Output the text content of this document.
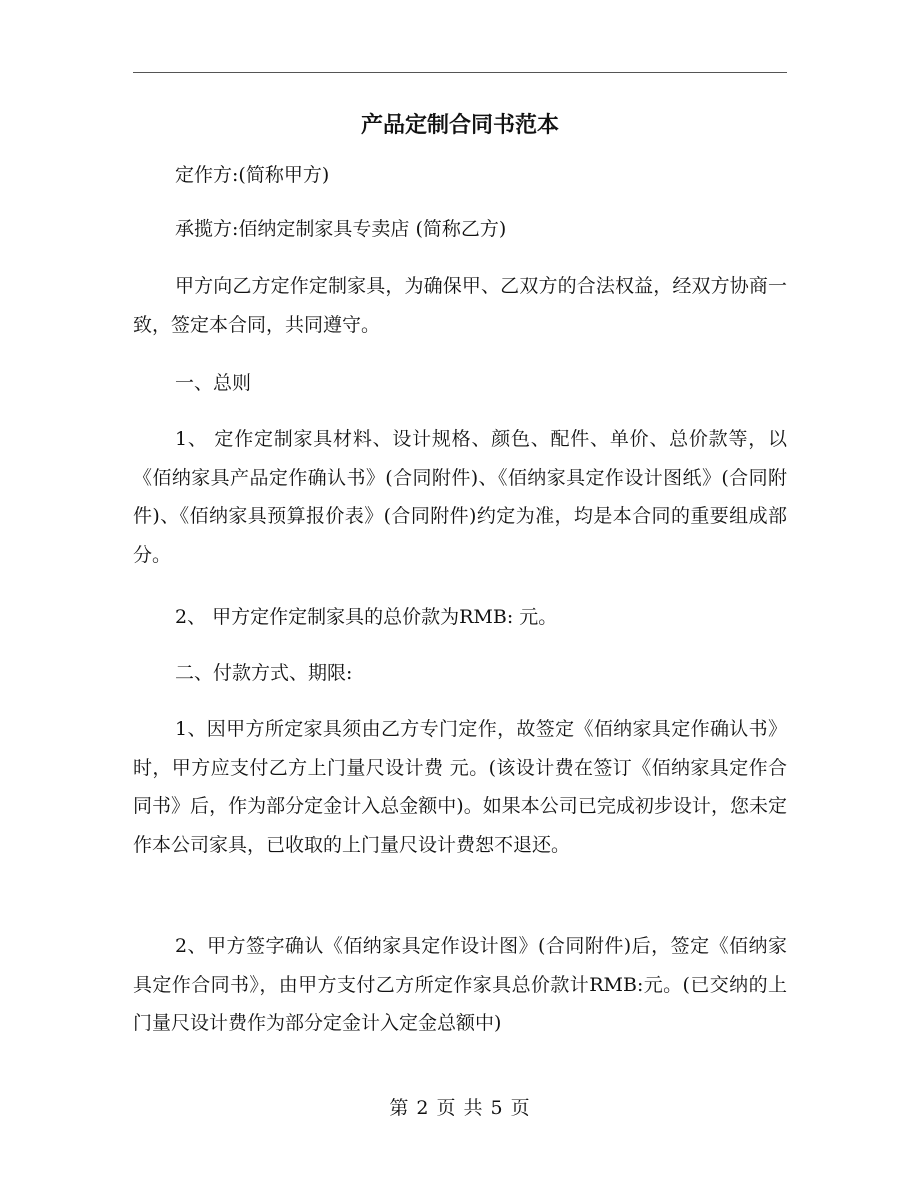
产品定制合同书范本

定作方:(简称甲方)

承揽方:佰纳定制家具专卖店 (简称乙方)

甲方向乙方定作定制家具，为确保甲、乙双方的合法权益，经双方协商一致，签定本合同，共同遵守。

一、总则

1、 定作定制家具材料、设计规格、颜色、配件、单价、总价款等，以《佰纳家具产品定作确认书》(合同附件)、《佰纳家具定作设计图纸》(合同附件)、《佰纳家具预算报价表》(合同附件)约定为准，均是本合同的重要组成部分。

2、 甲方定作定制家具的总价款为RMB: 元。

二、付款方式、期限:

1、因甲方所定家具须由乙方专门定作，故签定《佰纳家具定作确认书》时，甲方应支付乙方上门量尺设计费 元。(该设计费在签订《佰纳家具定作合同书》后，作为部分定金计入总金额中)。如果本公司已完成初步设计，您未定作本公司家具，已收取的上门量尺设计费恕不退还。

2、甲方签字确认《佰纳家具定作设计图》(合同附件)后，签定《佰纳家具定作合同书》，由甲方支付乙方所定作家具总价款计RMB:元。(已交纳的上门量尺设计费作为部分定金计入定金总额中)

第 2 页 共 5 页
